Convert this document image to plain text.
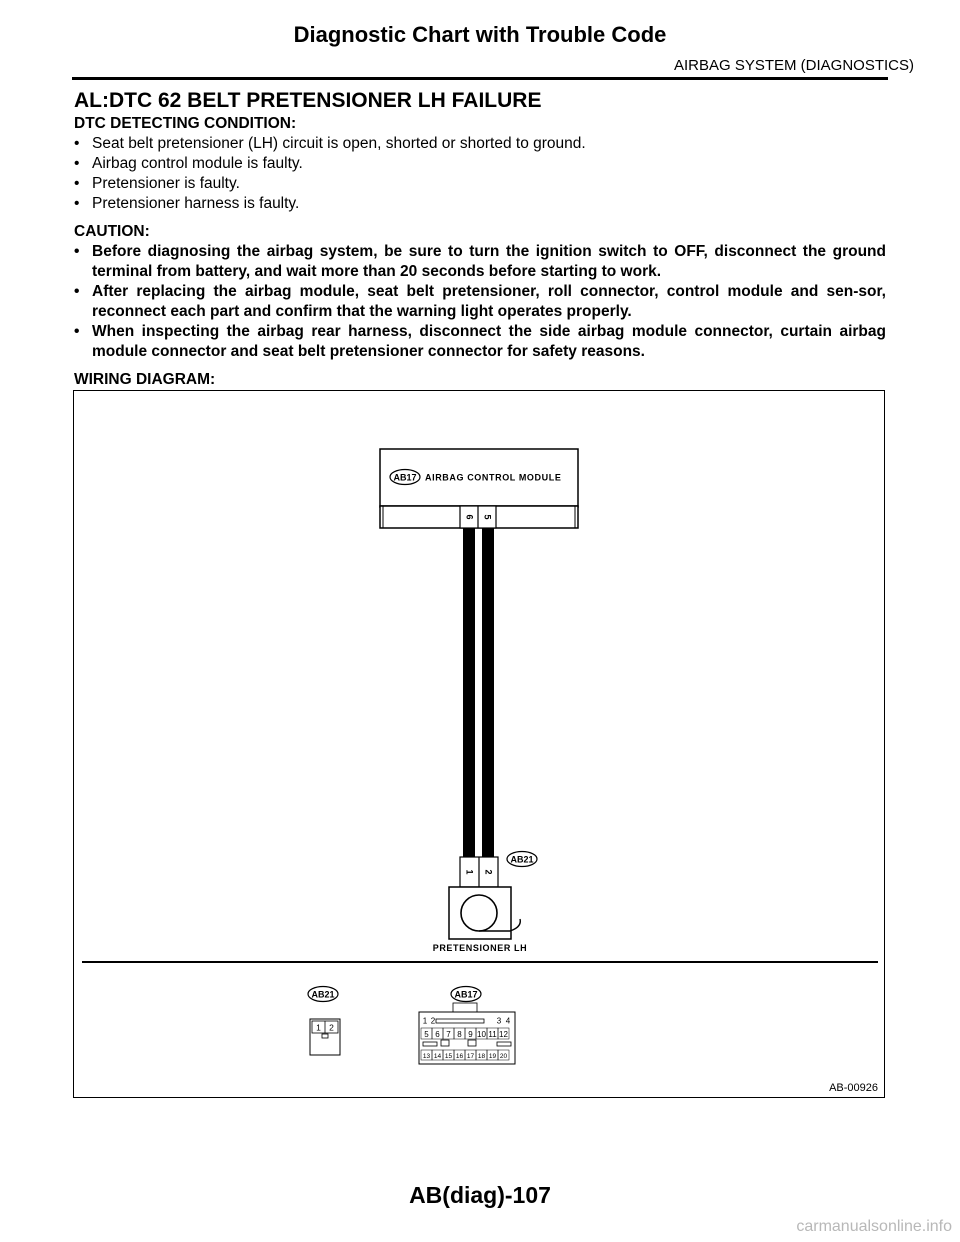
Diagnostic Chart with Trouble Code
AIRBAG SYSTEM (DIAGNOSTICS)
AL:DTC 62 BELT PRETENSIONER LH FAILURE

DTC DETECTING CONDITION:

• Seat belt pretensioner (LH) circuit is open, shorted or shorted to ground.

• Airbag control module is faulty.

• Pretensioner is faulty.

• Pretensioner harness is faulty.

CAUTION:

• Before diagnosing the airbag system, be sure to turn the ignition switch to OFF, disconnect the ground terminal from battery, and wait more than 20 seconds before starting to work.

• After replacing the airbag module, seat belt pretensioner, roll connector, control module and sen-sor, reconnect each part and confirm that the warning light operates properly.

• When inspecting the airbag rear harness, disconnect the side airbag module connector, curtain airbag module connector and seat belt pretensioner connector for safety reasons.

WIRING DIAGRAM:

6 5
AB17 AIRBAG CONTROL MODULE
1 2
AB21
PRETENSIONER LH
AB21
1 2
AB17
1 2	3 4
5 6 7 8 9 10 11 12
13 14 15 16 17 18 19 20
AB-00926
AB(diag)-107
carmanualsonline.info
